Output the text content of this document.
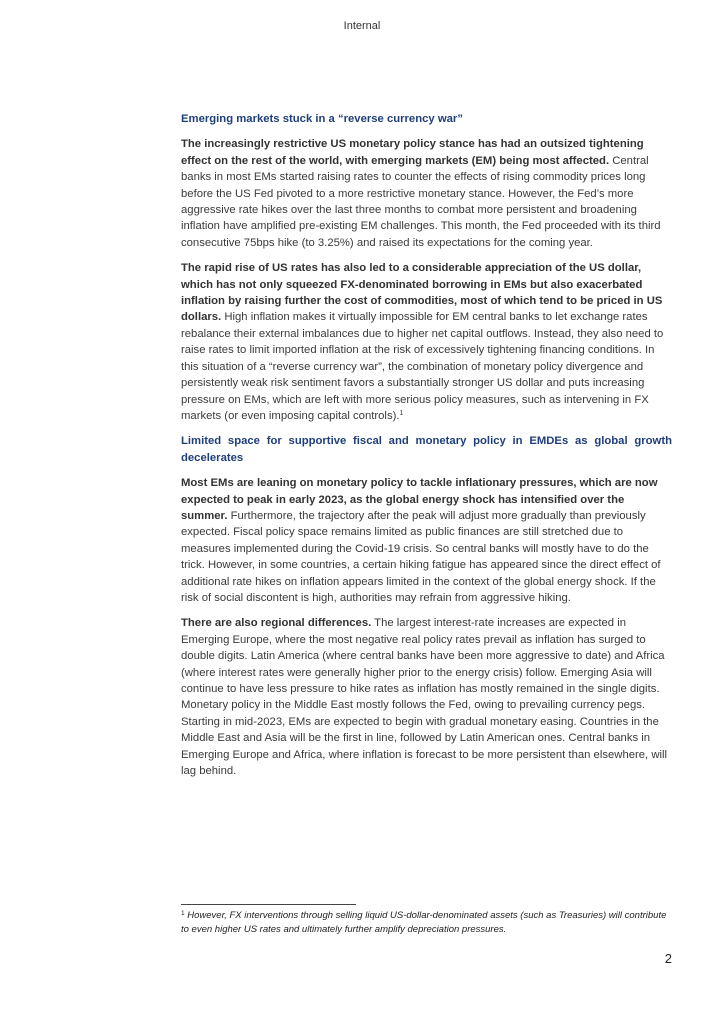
Internal
Emerging markets stuck in a “reverse currency war”
The increasingly restrictive US monetary policy stance has had an outsized tightening effect on the rest of the world, with emerging markets (EM) being most affected. Central banks in most EMs started raising rates to counter the effects of rising commodity prices long before the US Fed pivoted to a more restrictive monetary stance. However, the Fed’s more aggressive rate hikes over the last three months to combat more persistent and broadening inflation have amplified pre-existing EM challenges. This month, the Fed proceeded with its third consecutive 75bps hike (to 3.25%) and raised its expectations for the coming year.
The rapid rise of US rates has also led to a considerable appreciation of the US dollar, which has not only squeezed FX-denominated borrowing in EMs but also exacerbated inflation by raising further the cost of commodities, most of which tend to be priced in US dollars. High inflation makes it virtually impossible for EM central banks to let exchange rates rebalance their external imbalances due to higher net capital outflows. Instead, they also need to raise rates to limit imported inflation at the risk of excessively tightening financing conditions. In this situation of a “reverse currency war”, the combination of monetary policy divergence and persistently weak risk sentiment favors a substantially stronger US dollar and puts increasing pressure on EMs, which are left with more serious policy measures, such as intervening in FX markets (or even imposing capital controls).$^1$
Limited space for supportive fiscal and monetary policy in EMDEs as global growth decelerates
Most EMs are leaning on monetary policy to tackle inflationary pressures, which are now expected to peak in early 2023, as the global energy shock has intensified over the summer. Furthermore, the trajectory after the peak will adjust more gradually than previously expected. Fiscal policy space remains limited as public finances are still stretched due to measures implemented during the Covid-19 crisis. So central banks will mostly have to do the trick. However, in some countries, a certain hiking fatigue has appeared since the direct effect of additional rate hikes on inflation appears limited in the context of the global energy shock. If the risk of social discontent is high, authorities may refrain from aggressive hiking.
There are also regional differences. The largest interest-rate increases are expected in Emerging Europe, where the most negative real policy rates prevail as inflation has surged to double digits. Latin America (where central banks have been more aggressive to date) and Africa (where interest rates were generally higher prior to the energy crisis) follow. Emerging Asia will continue to have less pressure to hike rates as inflation has mostly remained in the single digits. Monetary policy in the Middle East mostly follows the Fed, owing to prevailing currency pegs. Starting in mid-2023, EMs are expected to begin with gradual monetary easing. Countries in the Middle East and Asia will be the first in line, followed by Latin American ones. Central banks in Emerging Europe and Africa, where inflation is forecast to be more persistent than elsewhere, will lag behind.
$^1$ However, FX interventions through selling liquid US-dollar-denominated assets (such as Treasuries) will contribute to even higher US rates and ultimately further amplify depreciation pressures.
2
